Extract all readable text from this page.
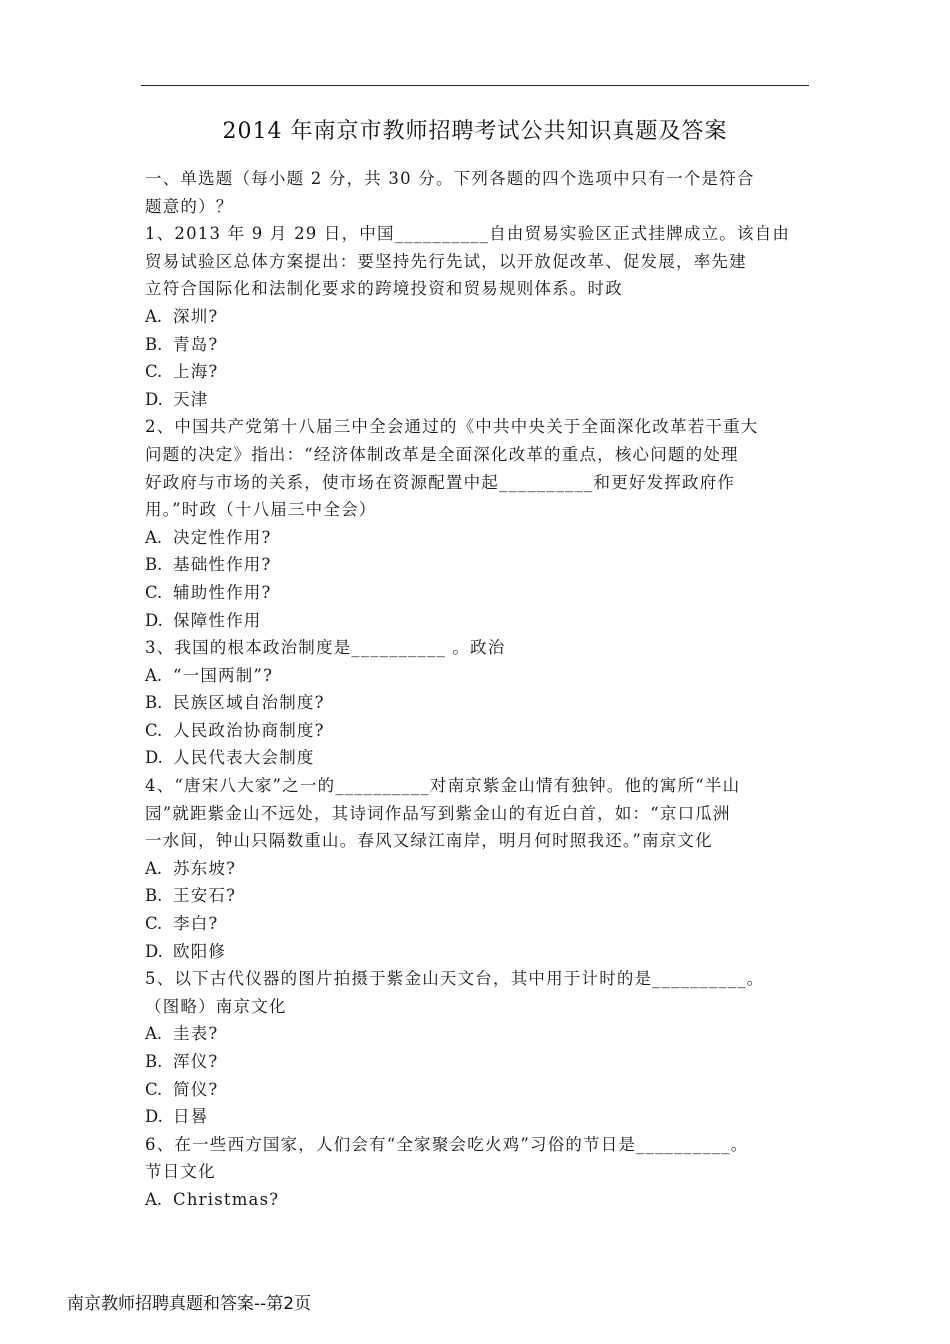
2014 年南京市教师招聘考试公共知识真题及答案
一、单选题（每小题 2 分，共 30 分。下列各题的四个选项中只有一个是符合
题意的）？
1、2013 年 9 月 29 日，中国__________自由贸易实验区正式挂牌成立。该自由
贸易试验区总体方案提出：要坚持先行先试，以开放促改革、促发展，率先建
立符合国际化和法制化要求的跨境投资和贸易规则体系。时政
A. 深圳?
B. 青岛?
C. 上海?
D. 天津
2、中国共产党第十八届三中全会通过的《中共中央关于全面深化改革若干重大
问题的决定》指出：“经济体制改革是全面深化改革的重点，核心问题的处理
好政府与市场的关系，使市场在资源配置中起__________和更好发挥政府作
用。”时政（十八届三中全会）
A. 决定性作用?
B. 基础性作用?
C. 辅助性作用?
D. 保障性作用
3、我国的根本政治制度是__________ 。政治
A. “一国两制”?
B. 民族区域自治制度?
C. 人民政治协商制度?
D. 人民代表大会制度
4、“唐宋八大家”之一的__________对南京紫金山情有独钟。他的寓所“半山
园”就距紫金山不远处，其诗词作品写到紫金山的有近白首，如：“京口瓜洲
一水间，钟山只隔数重山。春风又绿江南岸，明月何时照我还。”南京文化
A. 苏东坡?
B. 王安石?
C. 李白?
D. 欧阳修
5、以下古代仪器的图片拍摄于紫金山天文台，其中用于计时的是__________。
（图略）南京文化
A. 圭表?
B. 浑仪?
C. 简仪?
D. 日晷
6、在一些西方国家，人们会有“全家聚会吃火鸡”习俗的节日是__________。
节日文化
A. Christmas?
南京教师招聘真题和答案--第2页
